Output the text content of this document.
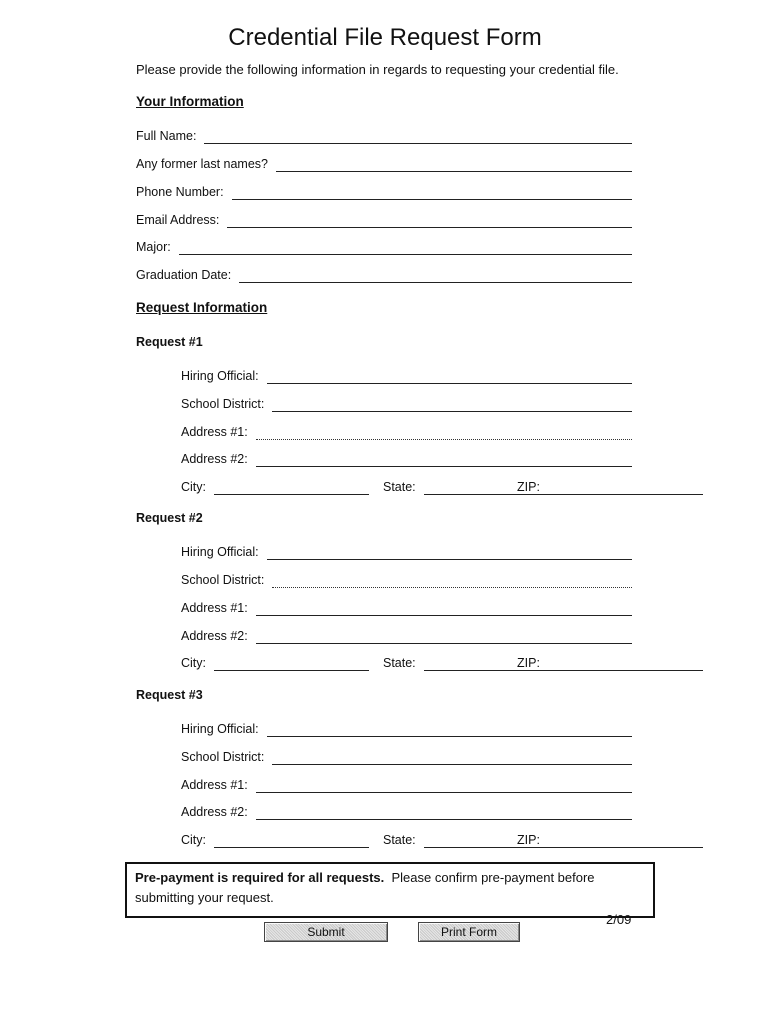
Credential File Request Form
Please provide the following information in regards to requesting your credential file.
Your Information
Full Name:
Any former last names?
Phone Number:
Email Address:
Major:
Graduation Date:
Request Information
Request #1
Hiring Official:
School District:
Address #1:
Address #2:
City:	State:	ZIP:
Request #2
Hiring Official:
School District:
Address #1:
Address #2:
City:	State:	ZIP:
Request #3
Hiring Official:
School District:
Address #1:
Address #2:
City:	State:	ZIP:
Pre-payment is required for all requests. Please confirm pre-payment before submitting your request.
2/09
Submit	Print Form
